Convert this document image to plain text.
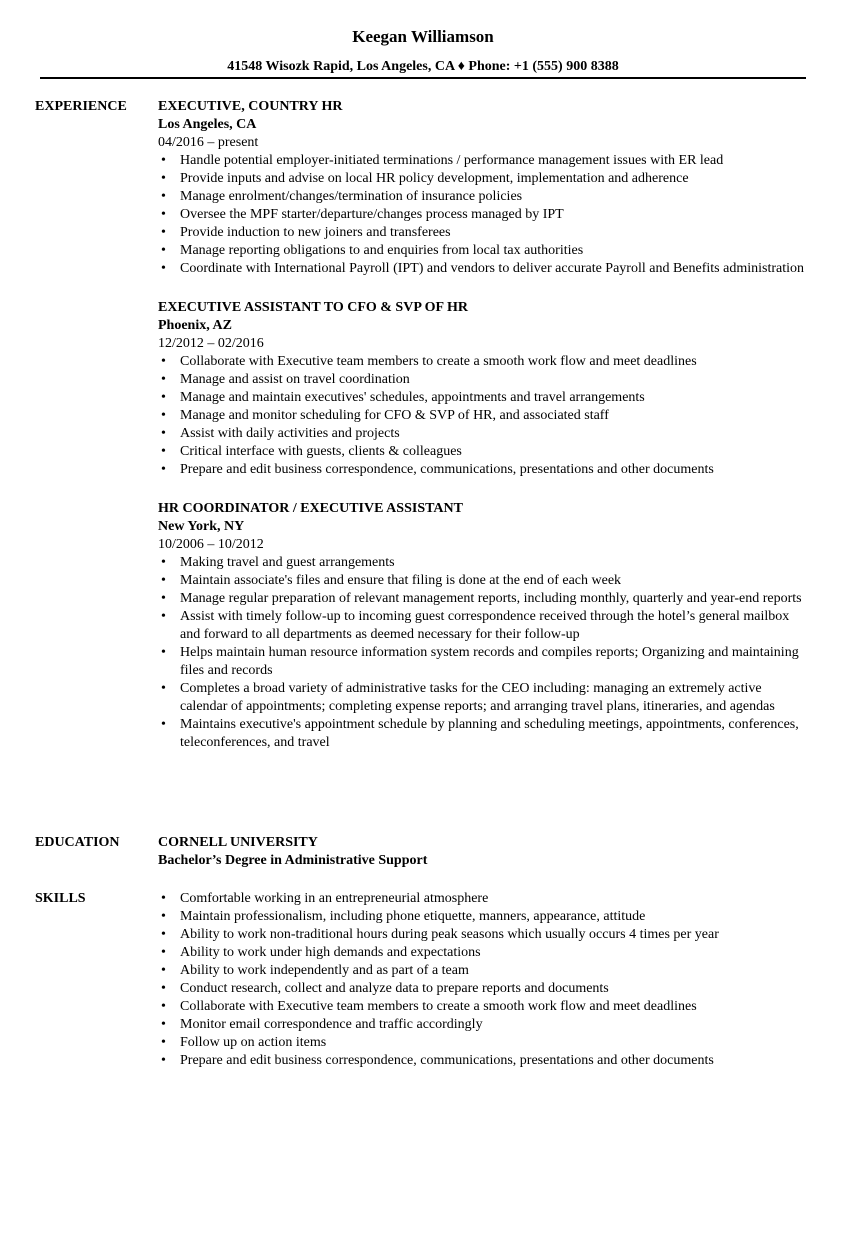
Keegan Williamson
41548 Wisozk Rapid, Los Angeles, CA ♦ Phone: +1 (555) 900 8388
EXPERIENCE EXECUTIVE, COUNTRY HR
Los Angeles, CA
04/2016 – present
• Handle potential employer-initiated terminations / performance management issues with ER lead
• Provide inputs and advise on local HR policy development, implementation and adherence
• Manage enrolment/changes/termination of insurance policies
• Oversee the MPF starter/departure/changes process managed by IPT
• Provide induction to new joiners and transferees
• Manage reporting obligations to and enquiries from local tax authorities
• Coordinate with International Payroll (IPT) and vendors to deliver accurate Payroll and Benefits administration
EXECUTIVE ASSISTANT TO CFO & SVP OF HR
Phoenix, AZ
12/2012 – 02/2016
• Collaborate with Executive team members to create a smooth work flow and meet deadlines
• Manage and assist on travel coordination
• Manage and maintain executives' schedules, appointments and travel arrangements
• Manage and monitor scheduling for CFO & SVP of HR, and associated staff
• Assist with daily activities and projects
• Critical interface with guests, clients & colleagues
• Prepare and edit business correspondence, communications, presentations and other documents
HR COORDINATOR / EXECUTIVE ASSISTANT
New York, NY
10/2006 – 10/2012
• Making travel and guest arrangements
• Maintain associate's files and ensure that filing is done at the end of each week
• Manage regular preparation of relevant management reports, including monthly, quarterly and year-end reports
• Assist with timely follow-up to incoming guest correspondence received through the hotel’s general mailbox and forward to all departments as deemed necessary for their follow-up
• Helps maintain human resource information system records and compiles reports; Organizing and maintaining files and records
• Completes a broad variety of administrative tasks for the CEO including: managing an extremely active calendar of appointments; completing expense reports; and arranging travel plans, itineraries, and agendas
• Maintains executive's appointment schedule by planning and scheduling meetings, appointments, conferences, teleconferences, and travel
EDUCATION	CORNELL UNIVERSITY
Bachelor’s Degree in Administrative Support
SKILLS
•	Comfortable working in an entrepreneurial atmosphere
• Maintain professionalism, including phone etiquette, manners, appearance, attitude
• Ability to work non-traditional hours during peak seasons which usually occurs 4 times per year
• Ability to work under high demands and expectations
• Ability to work independently and as part of a team
• Conduct research, collect and analyze data to prepare reports and documents
• Collaborate with Executive team members to create a smooth work flow and meet deadlines
• Monitor email correspondence and traffic accordingly
• Follow up on action items
• Prepare and edit business correspondence, communications, presentations and other documents
